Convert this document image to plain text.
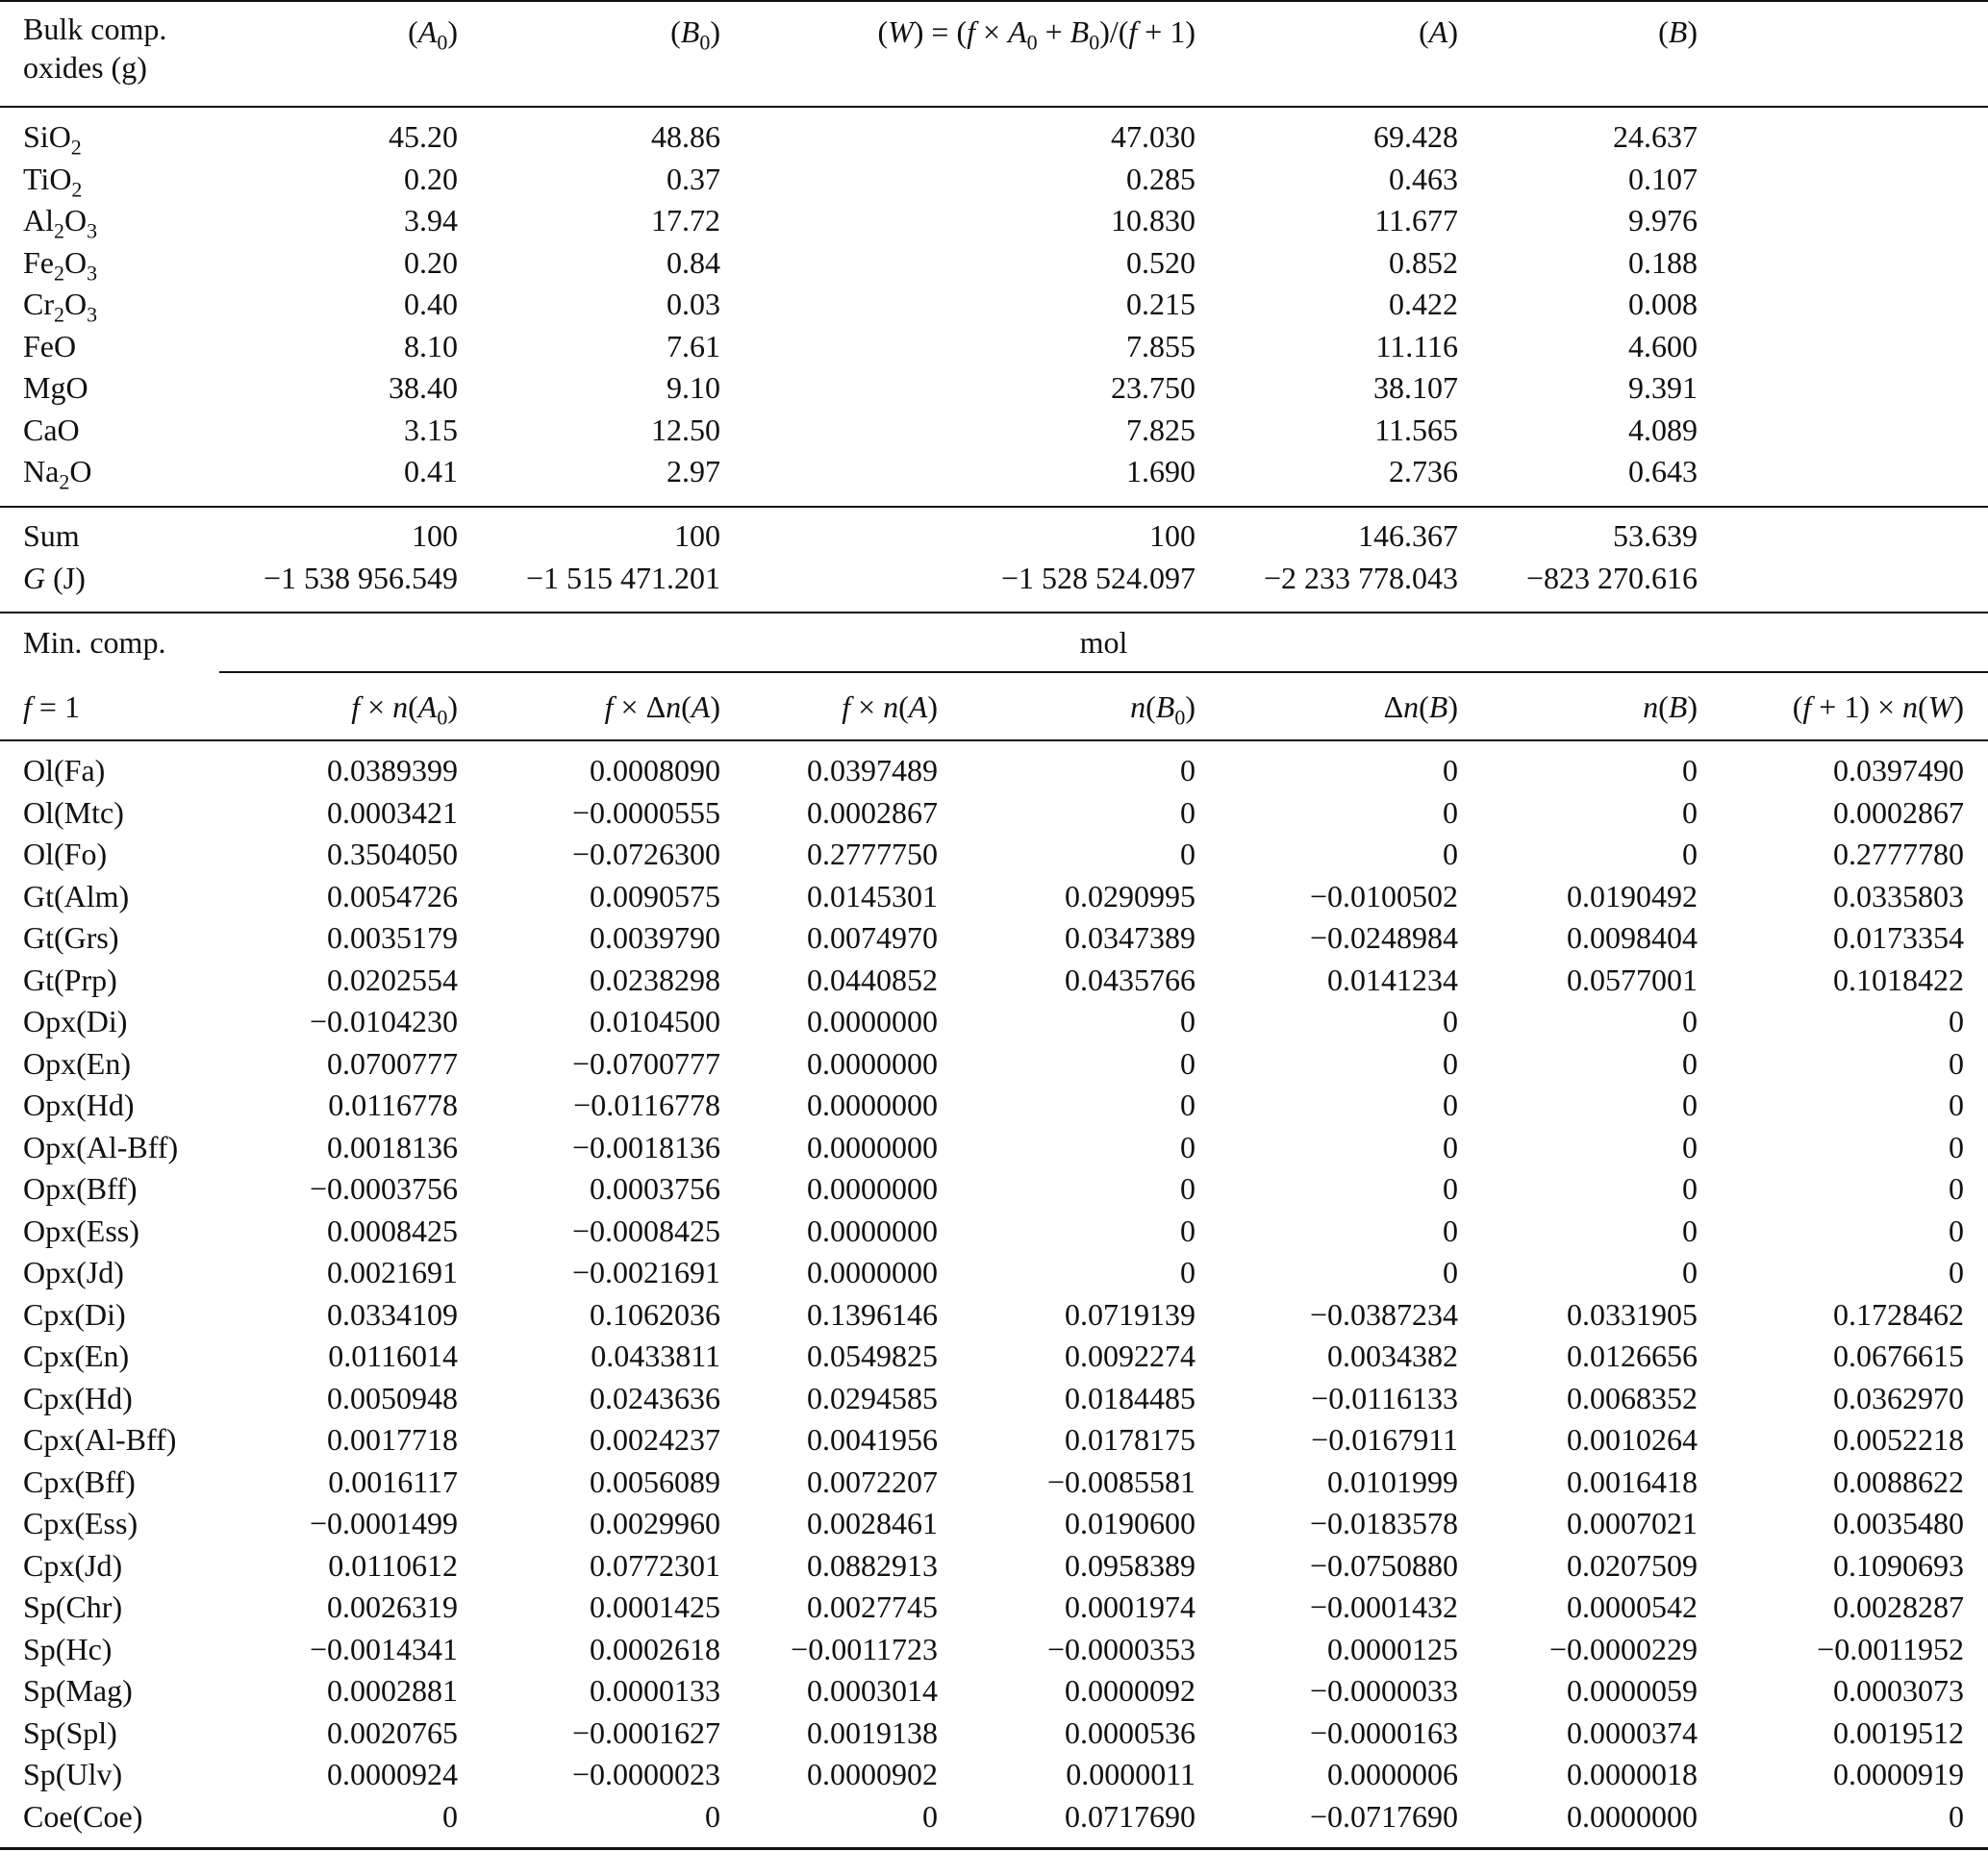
Bulk comp. oxides (g)
$(A_0)$	$(B_0)$	$(W) = (f \times A_0 + B_0)/(f + 1)$	(A)	(B)
SiO$_2$	45.20	48.86	47.030	69.428	24.637
TiO$_2$	0.20	0.37	0.285	0.463	0.107
$Al_2O_3$	3.94	17.72	10.830	11.677	9.976
$Fe_2O_3$	0.20	0.84	0.520	0.852	0.188
$Cr_2O_3$	0.40	0.03	0.215	0.422	0.008
FeO	8.10	7.61	7.855	11.116	4.600
MgO	38.40	9.10	23.750	38.107	9.391
CaO	3.15	12.50	7.825	11.565	4.089
$Na_2O$	0.41	2.97	1.690	2.736	0.643
Sum	100	100	100	146.367	53.639
G (J)	−1 538 956.549	−1 515 471.201	−1 528 524.097	−2 233 778.043	−823 270.616
Min. comp.	mol
f = 1	$f \times n(A_0)$	f × Δn(A)	f × n(A)	$n(B_0)$	Δn(B)	n(B)	(f + 1) × n(W)
Ol(Fa)	0.0389399	0.0008090	0.0397489	0	0	0	0.0397490
Ol(Mtc)	0.0003421	−0.0000555	0.0002867	0	0	0	0.0002867
Ol(Fo)	0.3504050	−0.0726300	0.2777750	0	0	0	0.2777780
Gt(Alm)	0.0054726	0.0090575	0.0145301	0.0290995	−0.0100502	0.0190492	0.0335803
Gt(Grs)	0.0035179	0.0039790	0.0074970	0.0347389	−0.0248984	0.0098404	0.0173354
Gt(Prp)	0.0202554	0.0238298	0.0440852	0.0435766	0.0141234	0.0577001	0.1018422
Opx(Di)	−0.0104230	0.0104500	0.0000000	0	0	0	0
Opx(En)	0.0700777	−0.0700777	0.0000000	0	0	0	0
Opx(Hd)	0.0116778	−0.0116778	0.0000000	0	0	0	0
Opx(Al-Bff)	0.0018136	−0.0018136	0.0000000	0	0	0	0
Opx(Bff)	−0.0003756	0.0003756	0.0000000	0	0	0	0
Opx(Ess)	0.0008425	−0.0008425	0.0000000	0	0	0	0
Opx(Jd)	0.0021691	−0.0021691	0.0000000	0	0	0	0
Cpx(Di)	0.0334109	0.1062036	0.1396146	0.0719139	−0.0387234	0.0331905	0.1728462
Cpx(En)	0.0116014	0.0433811	0.0549825	0.0092274	0.0034382	0.0126656	0.0676615
Cpx(Hd)	0.0050948	0.0243636	0.0294585	0.0184485	−0.0116133	0.0068352	0.0362970
Cpx(Al-Bff)	0.0017718	0.0024237	0.0041956	0.0178175	−0.0167911	0.0010264	0.0052218
Cpx(Bff)	0.0016117	0.0056089	0.0072207	−0.0085581	0.0101999	0.0016418	0.0088622
Cpx(Ess)	−0.0001499	0.0029960	0.0028461	0.0190600	−0.0183578	0.0007021	0.0035480
Cpx(Jd)	0.0110612	0.0772301	0.0882913	0.0958389	−0.0750880	0.0207509	0.1090693
Sp(Chr)	0.0026319	0.0001425	0.0027745	0.0001974	−0.0001432	0.0000542	0.0028287
Sp(Hc)	−0.0014341	0.0002618	−0.0011723	−0.0000353	0.0000125	−0.0000229	−0.0011952
Sp(Mag)	0.0002881	0.0000133	0.0003014	0.0000092	−0.0000033	0.0000059	0.0003073
Sp(Spl)	0.0020765	−0.0001627	0.0019138	0.0000536	−0.0000163	0.0000374	0.0019512
Sp(Ulv)	0.0000924	−0.0000023	0.0000902	0.0000011	0.0000006	0.0000018	0.0000919
Coe(Coe)	0	0	0	0.0717690	−0.0717690	0.0000000	0
